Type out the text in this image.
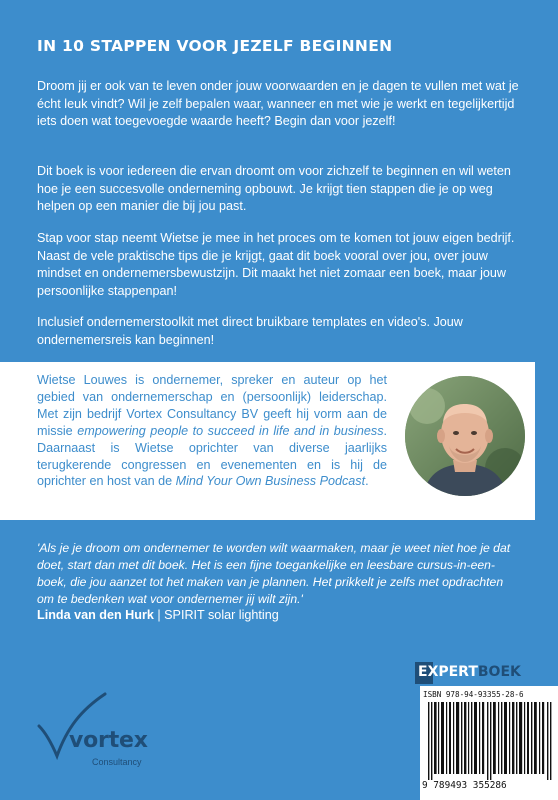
IN 10 STAPPEN VOOR JEZELF BEGINNEN

Droom jij er ook van te leven onder jouw voorwaarden en je dagen te vullen met wat je écht leuk vindt? Wil je zelf bepalen waar, wanneer en met wie je werkt en tegelijkertijd iets doen wat toegevoegde waarde heeft? Begin dan voor jezelf!

Dit boek is voor iedereen die ervan droomt om voor zichzelf te beginnen en wil weten hoe je een succesvolle onderneming opbouwt. Je krijgt tien stappen die je op weg helpen op een manier die bij jou past.

Stap voor stap neemt Wietse je mee in het proces om te komen tot jouw eigen bedrijf. Naast de vele praktische tips die je krijgt, gaat dit boek vooral over jou, over jouw mindset en ondernemersbewustzijn. Dit maakt het niet zomaar een boek, maar jouw persoonlijke stappenpan!

Inclusief ondernemerstoolkit met direct bruikbare templates en video's. Jouw ondernemersreis kan beginnen!

Wietse Louwes is ondernemer, spreker en auteur op het gebied van ondernemerschap en (persoonlijk) leiderschap. Met zijn bedrijf Vortex Consultancy BV geeft hij vorm aan de missie empowering people to succeed in life and in business. Daarnaast is Wietse oprichter van diverse jaarlijks terugkerende congressen en evenementen en is hij de oprichter en host van de Mind Your Own Business Podcast.

'Als je je droom om ondernemer te worden wilt waarmaken, maar je weet niet hoe je dat doet, start dan met dit boek. Het is een fijne toegankelijke en leesbare cursus-in-een-boek, die jou aanzet tot het maken van je plannen. Het prikkelt je zelfs met opdrachten om te bedenken wat voor ondernemer jij wilt zijn.'

Linda van den Hurk | SPIRIT solar lighting
vortex
Consultancy
EXPERTBOEK
ISBN 978-94-93355-28-6
9 789493 355286
